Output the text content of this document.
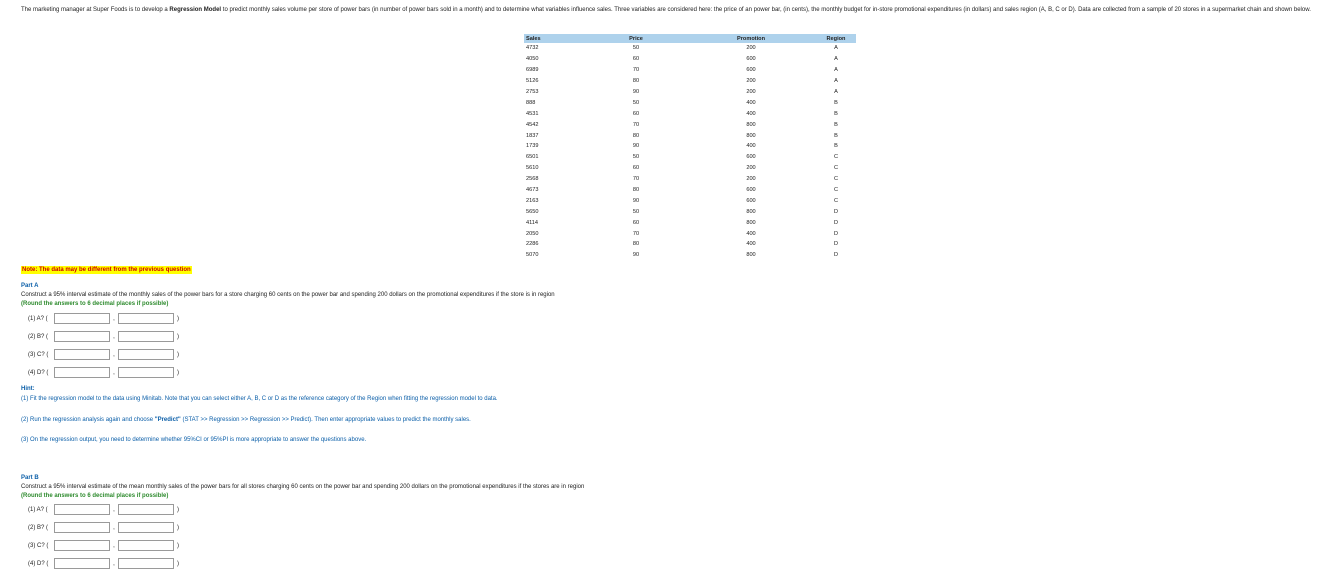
The marketing manager at Super Foods is to develop a Regression Model to predict monthly sales volume per store of power bars (in number of power bars sold in a month) and to determine what variables influence sales. Three variables are considered here: the price of an power bar, (in cents), the monthly budget for in-store promotional expenditures (in dollars) and sales region (A, B, C or D). Data are collected from a sample of 20 stores in a supermarket chain and shown below.
Sales	Price	Promotion	Region
4732	50	200	A
4050	60	600	A
6989	70	600	A
5126	80	200	A
2753	90	200	A
888	50	400	B
4531	60	400	B
4542	70	800	B
1837	80	800	B
1739	90	400	B
6501	50	600	C
5610	60	200	C
2568	70	200	C
4673	80	600	C
2163	90	600	C
5650	50	800	D
4114	60	800	D
2050	70	400	D
2286	80	400	D
5070	90	800	D
Note: The data may be different from the previous question
Part A
Construct a 95% interval estimate of the monthly sales of the power bars for a store charging 60 cents on the power bar and spending 200 dollars on the promotional expenditures if the store is in region
(Round the answers to 6 decimal places if possible)
(1) A? (	,	)
(2) B? (	,	)
(3) C? (	,	)
(4) D? (	,	)
Hint:
(1) Fit the regression model to the data using Minitab. Note that you can select either A, B, C or D as the reference category of the Region when fitting the regression model to data.
(2) Run the regression analysis again and choose "Predict" (STAT >> Regression >> Regression >> Predict). Then enter appropriate values to predict the monthly sales.
(3) On the regression output, you need to determine whether 95%CI or 95%PI is more appropriate to answer the questions above.
Part B
Construct a 95% interval estimate of the mean monthly sales of the power bars for all stores charging 60 cents on the power bar and spending 200 dollars on the promotional expenditures if the stores are in region
(Round the answers to 6 decimal places if possible)
(1) A? (	,	)
(2) B? (	,	)
(3) C? (	,	)
(4) D? (	,	)
